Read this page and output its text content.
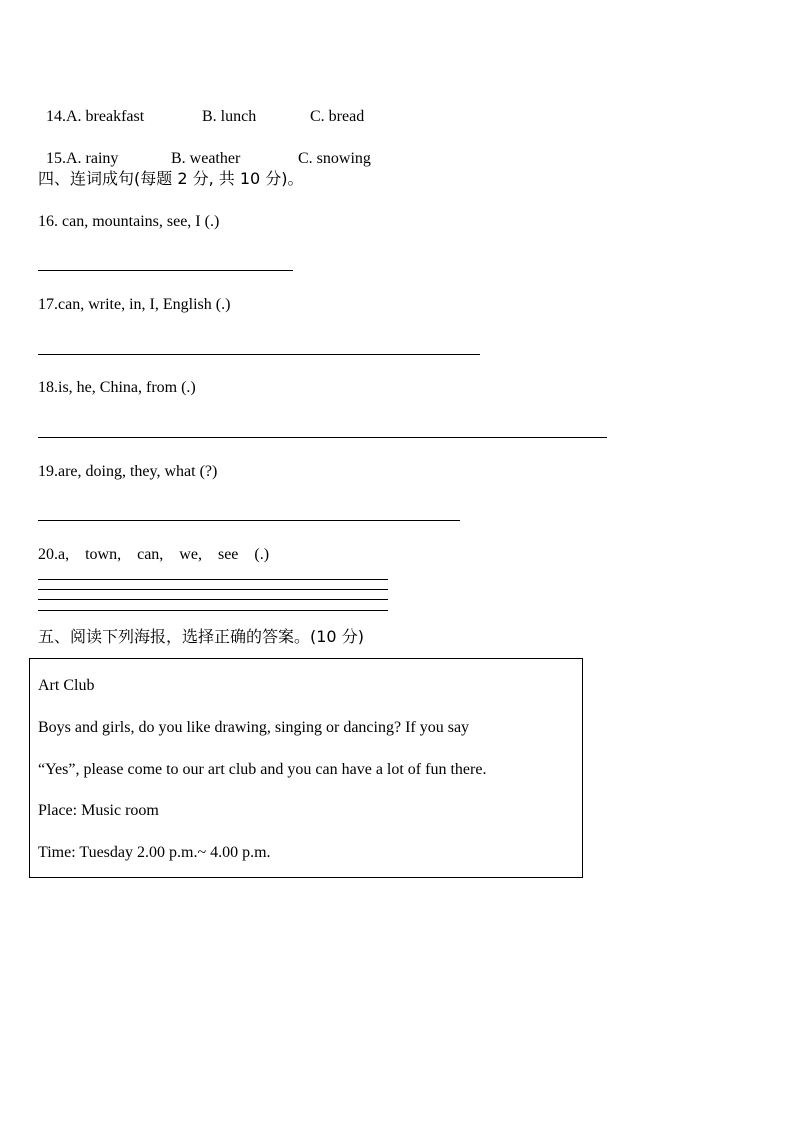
14.A. breakfast	B. lunch	C. bread

15.A. rainy	B. weather	C. snowing

四、连词成句(每题 2 分, 共 10 分)。
16. can, mountains, see, I (.)
17.can, write, in, I, English (.)
18.is, he, China, from (.)
19.are, doing, they, what (?)
20.a,    town,    can,    we,    see    (.)
五、阅读下列海报，选择正确的答案。(10 分)
Art Club
Boys and girls, do you like drawing, singing or dancing? If you say
“Yes”, please come to our art club and you can have a lot of fun there.
Place: Music room
Time: Tuesday 2.00 p.m.~ 4.00 p.m.
